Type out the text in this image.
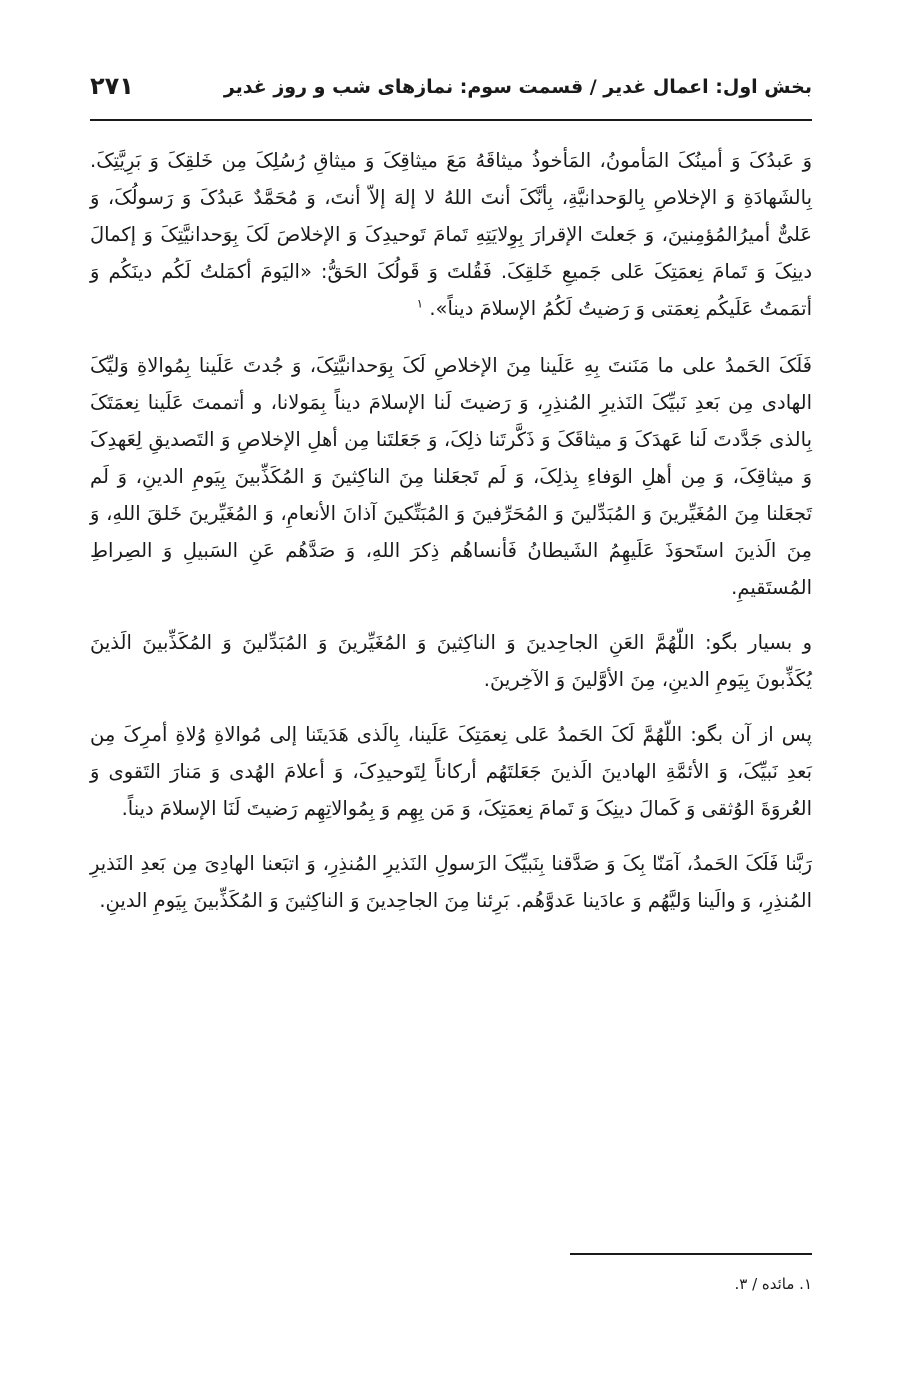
بخش اول: اعمال غدیر / قسمت سوم: نمازهای شب و روز غدیر
۲۷۱

وَ عَبدُکَ وَ أمینُکَ المَأمونُ، المَأخوذُ میثاقَهُ مَعَ میثاقِکَ وَ میثاقِ رُسُلِکَ مِن خَلقِکَ وَ بَرِیَّتِکَ. بِالشَهادَةِ وَ الإخلاصِ بِالوَحدانیَّةِ، بِأنَّکَ أنتَ اللهُ لا إلهَ إلاّ أنتَ، وَ مُحَمَّدٌ عَبدُکَ وَ رَسولُکَ، وَ عَلیٌّ أمیرُالمُؤمِنینَ، وَ جَعلتَ الإقرارَ بِوِلایَتِهِ تَمامَ تَوحیدِکَ وَ الإخلاصَ لَکَ بِوَحدانیَّتِکَ وَ إکمالَ دینِکَ وَ تَمامَ نِعمَتِکَ عَلی جَمیعِ خَلقِکَ. فَقُلتَ وَ قَولُکَ الحَقُّ: «الیَومَ أکمَلتُ لَکُم دینَکُم وَ أتمَمتُ عَلَیکُم نِعمَتی وَ رَضیتُ لَکُمُ الإسلامَ دیناً». $^۱$

فَلَکَ الحَمدُ علی ما مَنَنتَ بِهِ عَلَینا مِنَ الإخلاصِ لَکَ بِوَحدانیَّتِکَ، وَ جُدتَ عَلَینا بِمُوالاةِ وَلیِّکَ الهادی مِن بَعدِ نَبیِّکَ النَذیرِ المُنذِرِ، وَ رَضیتَ لَنا الإسلامَ دیناً بِمَولانا، و أتممتَ عَلَینا نِعمَتَکَ بِالذی جَدَّدتَ لَنا عَهدَکَ وَ میثاقَکَ وَ ذَکَّرتَنا ذلِکَ، وَ جَعَلتَنا مِن أهلِ الإخلاصِ وَ التَصدیقِ لِعَهدِکَ وَ میثاقِکَ، وَ مِن أهلِ الوَفاءِ بِذلِکَ، وَ لَم تَجعَلنا مِنَ الناکِثینَ وَ المُکَذِّبینَ بِیَومِ الدینِ، وَ لَم تَجعَلنا مِنَ المُغَیِّرینَ وَ المُبَدِّلینَ وَ المُحَرِّفینَ وَ المُبَتِّکینَ آذانَ الأنعامِ، وَ المُغَیِّرینَ خَلقَ اللهِ، وَ مِنَ الَذینَ استَحوَذَ عَلَیهِمُ الشَیطانُ فَأنساهُم ذِکرَ اللهِ، وَ صَدَّهُم عَنِ السَبیلِ وَ الصِراطِ المُستَقیمِ.

و بسیار بگو: اللّهُمَّ العَنِ الجاحِدینَ وَ الناکِثینَ وَ المُغَیِّرینَ وَ المُبَدِّلینَ وَ المُکَذِّبینَ الَذینَ یُکَذِّبونَ بِیَومِ الدینِ، مِنَ الأوَّلینَ وَ الآخِرینَ.

پس از آن بگو: اللّهُمَّ لَکَ الحَمدُ عَلی نِعمَتِکَ عَلَینا، بِالَذی هَدَیتَنا إلی مُوالاةِ وُلاةِ أمرِکَ مِن بَعدِ نَبیِّکَ، وَ الأئمَّةِ الهادینَ الَذینَ جَعَلتَهُم أرکاناً لِتَوحیدِکَ، وَ أعلامَ الهُدی وَ مَنارَ التَقوی وَ العُروَةَ الوُثقی وَ کَمالَ دینِکَ وَ تَمامَ نِعمَتِکَ، وَ مَن بِهِم وَ بِمُوالاتِهِم رَضیتَ لَنَا الإسلامَ دیناً.

رَبَّنا فَلَکَ الحَمدُ، آمَنّا بِکَ وَ صَدَّقنا بِنَبیِّکَ الرَسولِ النَذیرِ المُنذِرِ، وَ اتبَعنا الهادِیَ مِن بَعدِ النَذیرِ المُنذِرِ، وَ والَینا وَلیَّهُم وَ عادَینا عَدوَّهُم. بَرِئنا مِنَ الجاحِدینَ وَ الناکِثینَ وَ المُکَذِّبینَ بِیَومِ الدینِ.

۱. مائده / ۳.
